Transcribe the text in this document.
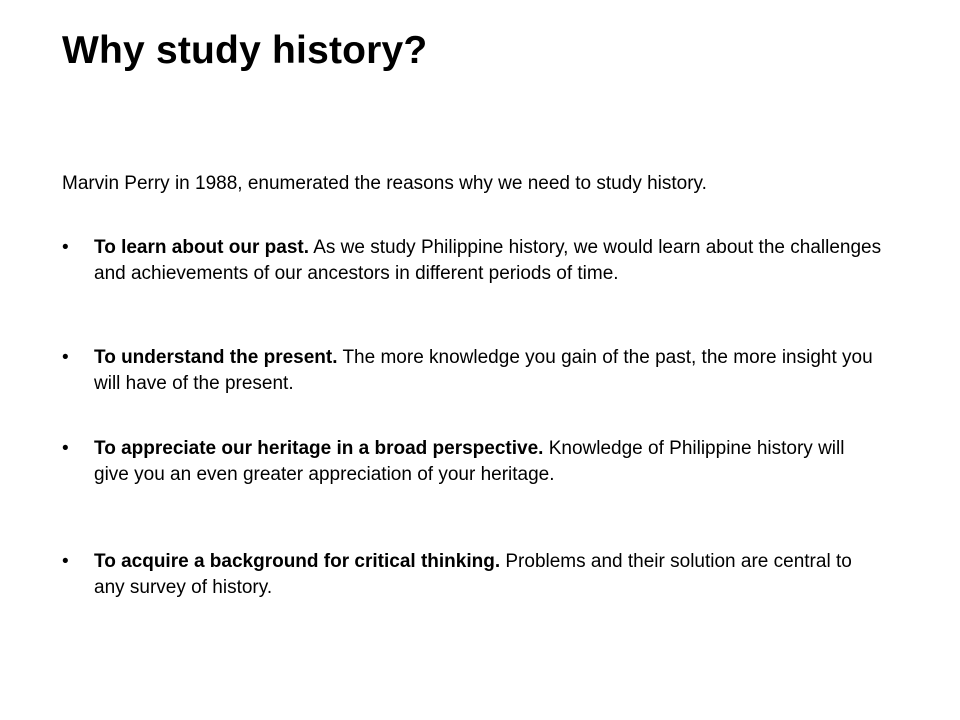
Why study history?

Marvin Perry in 1988, enumerated the reasons why we need to study history.

•	To learn about our past. As we study Philippine history, we would learn about the challenges and achievements of our ancestors in different periods of time.
•	To understand the present. The more knowledge you gain of the past, the more insight you will have of the present.
•	To appreciate our heritage in a broad perspective. Knowledge of Philippine history will give you an even greater appreciation of your heritage.
•	To acquire a background for critical thinking. Problems and their solution are central to any survey of history.
